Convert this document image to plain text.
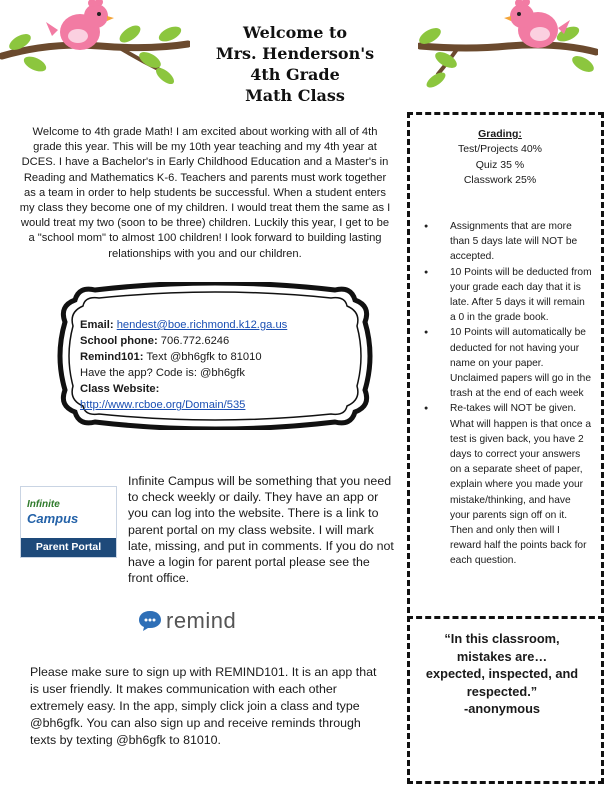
Welcome to
Mrs. Henderson's
4th Grade
Math Class
Welcome to 4th grade Math! I am excited about working with all of 4th grade this year. This will be my 10th year teaching and my 4th year at DCES. I have a Bachelor's in Early Childhood Education and a Master's in Reading and Mathematics K-6. Teachers and parents must work together as a team in order to help students be successful. When a student enters my class they become one of my children. I would treat them the same as I would treat my two (soon to be three) children. Luckily this year, I get to be a "school mom" to almost 100 children! I look forward to building lasting relationships with you and our children.
Email: hendest@boe.richmond.k12.ga.us
School phone: 706.772.6246
Remind101: Text @bh6gfk to 81010
Have the app? Code is: @bh6gfk
Class Website:
http://www.rcboe.org/Domain/535
Infinite
Campus
Parent Portal
Infinite Campus will be something that you need to check weekly or daily. They have an app or you can log into the website. There is a link to parent portal on my class website. I will mark late, missing, and put in comments. If you do not have a login for parent portal please see the front office.
remind
Please make sure to sign up with REMIND101. It is an app that is user friendly. It makes communication with each other extremely easy. In the app, simply click join a class and type @bh6gfk. You can also sign up and receive reminds through texts by texting @bh6gfk to 81010.
Grading:
Test/Projects 40%
Quiz 35 %
Classwork 25%
● Assignments that are more than 5 days late will NOT be accepted.
● 10 Points will be deducted from your grade each day that it is late. After 5 days it will remain a 0 in the grade book.
● 10 Points will automatically be deducted for not having your name on your paper. Unclaimed papers will go in the trash at the end of each week
● Re-takes will NOT be given. What will happen is that once a test is given back, you have 2 days to correct your answers on a separate sheet of paper, explain where you made your mistake/thinking, and have your parents sign off on it. Then and only then will I reward half the points back for each question.
“In this classroom, mistakes are…
expected, inspected, and respected.”
-anonymous
